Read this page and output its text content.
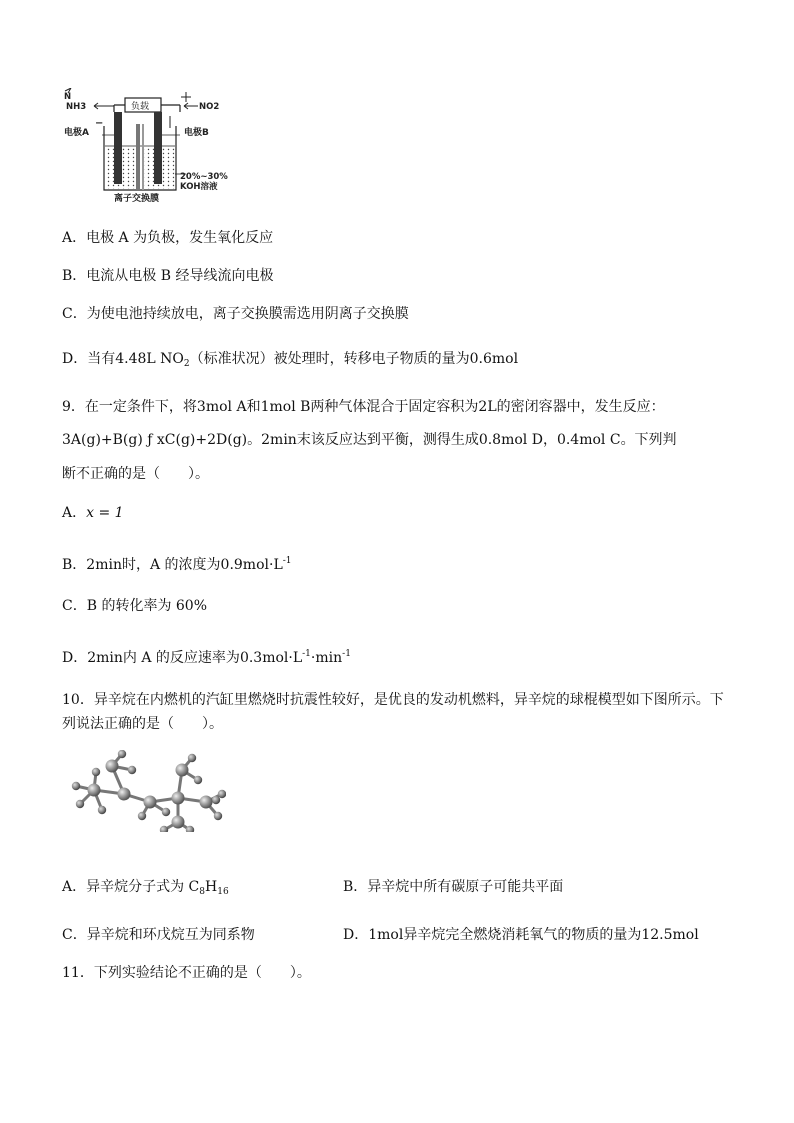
N
NH3	NO2
负载
−
电极A	电极B
20%~30%
KOH溶液
离子交换膜
A．电极 A 为负极，发生氧化反应
B．电流从电极 B 经导线流向电极
C．为使电池持续放电，离子交换膜需选用阴离子交换膜
D．当有4.48L $NO_2$（标准状况）被处理时，转移电子物质的量为0.6mol
9．在一定条件下，将3mol A和1mol B两种气体混合于固定容积为2L的密闭容器中，发生反应：
3A(g)+B(g) ƒ xC(g)+2D(g)。2min末该反应达到平衡，测得生成0.8mol D，0.4mol C。下列判
断不正确的是（　　）。
A．x = 1
B．2min时，A 的浓度为$0.9mol\cdot L^{-1}$
C．B 的转化率为 60%
D．2min内 A 的反应速率为$0.3mol\cdot L^{-1}\cdot\min^{-1}$
10．异辛烷在内燃机的汽缸里燃烧时抗震性较好，是优良的发动机燃料，异辛烷的球棍模型如下图所示。下
列说法正确的是（　　）。
A．异辛烷分子式为 $C_8H_{16}$	B．异辛烷中所有碳原子可能共平面
C．异辛烷和环戊烷互为同系物	D．1mol异辛烷完全燃烧消耗氧气的物质的量为12.5mol
11．下列实验结论不正确的是（　　）。
